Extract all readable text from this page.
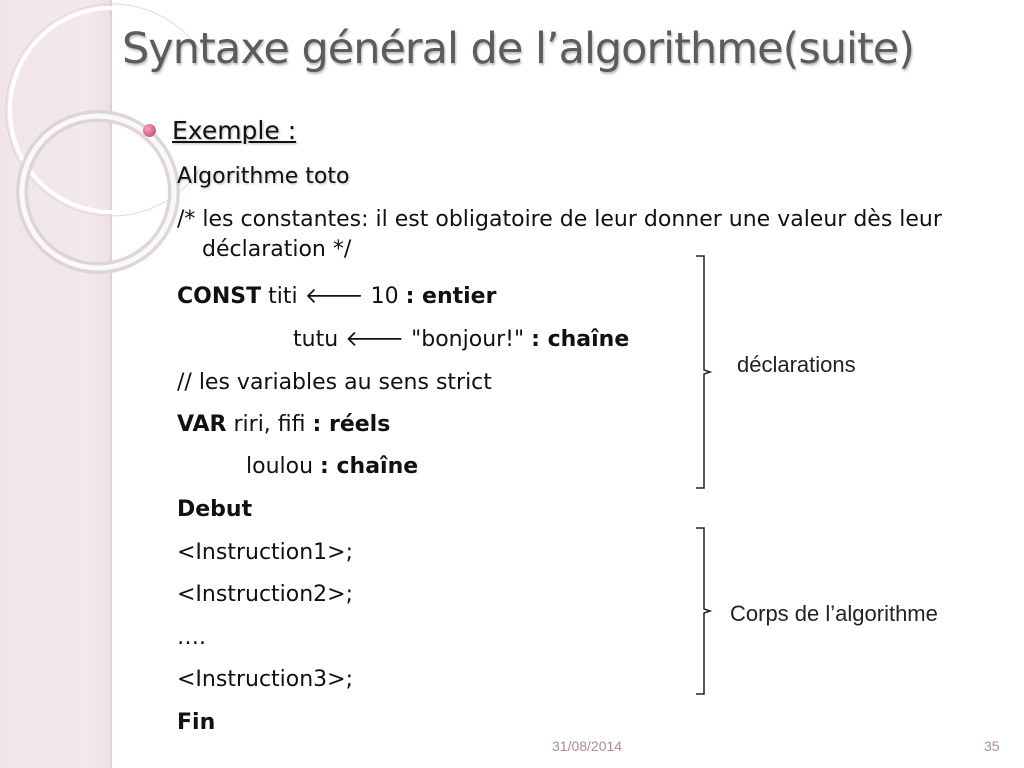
Syntaxe général de l’algorithme(suite)

Exemple :

Algorithme toto

/* les constantes: il est obligatoire de leur donner une valeur dès leur
déclaration */

CONST titi 🡐 10 : entier

tutu 🡐 "bonjour!" : chaîne

// les variables au sens strict

VAR riri, fifi : réels

loulou : chaîne

Debut

<Instruction1>;

<Instruction2>;

….

<Instruction3>;

Fin

déclarations

Corps de l’algorithme

31/08/2014	35
